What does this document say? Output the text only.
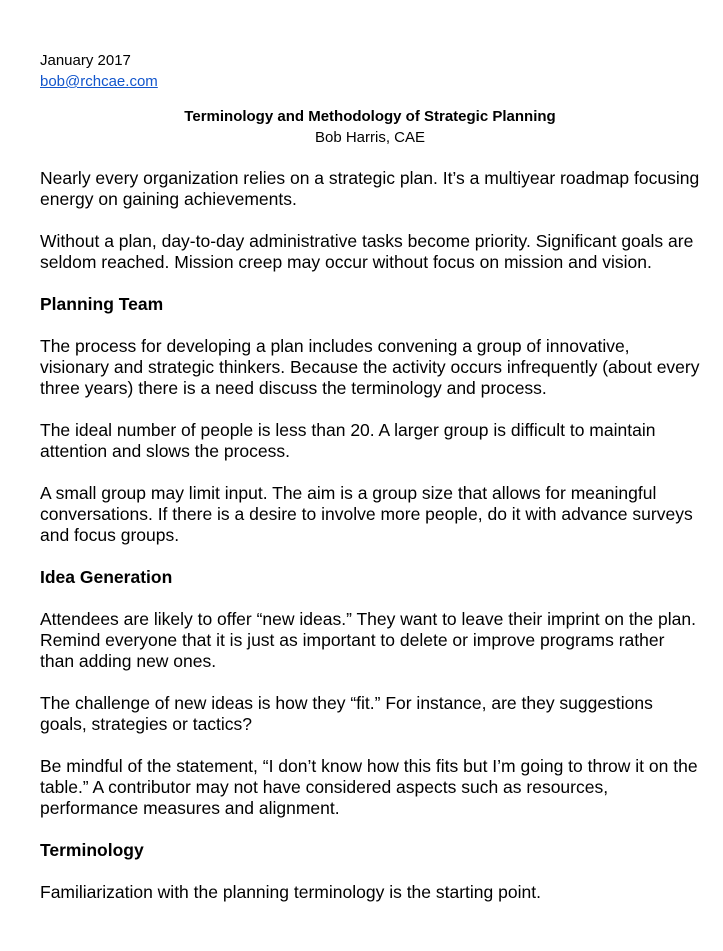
January 2017

bob@rchcae.com

Terminology and Methodology of Strategic Planning

Bob Harris, CAE

Nearly every organization relies on a strategic plan. It’s a multiyear roadmap focusing energy on gaining achievements.

Without a plan, day-to-day administrative tasks become priority. Significant goals are seldom reached. Mission creep may occur without focus on mission and vision.

Planning Team

The process for developing a plan includes convening a group of innovative, visionary and strategic thinkers. Because the activity occurs infrequently (about every three years) there is a need discuss the terminology and process.

The ideal number of people is less than 20. A larger group is difficult to maintain attention and slows the process.

A small group may limit input. The aim is a group size that allows for meaningful conversations. If there is a desire to involve more people, do it with advance surveys and focus groups.

Idea Generation

Attendees are likely to offer “new ideas.” They want to leave their imprint on the plan. Remind everyone that it is just as important to delete or improve programs rather than adding new ones.

The challenge of new ideas is how they “fit.” For instance, are they suggestions goals, strategies or tactics?

Be mindful of the statement, “I don’t know how this fits but I’m going to throw it on the table.” A contributor may not have considered aspects such as resources, performance measures and alignment.

Terminology

Familiarization with the planning terminology is the starting point.
